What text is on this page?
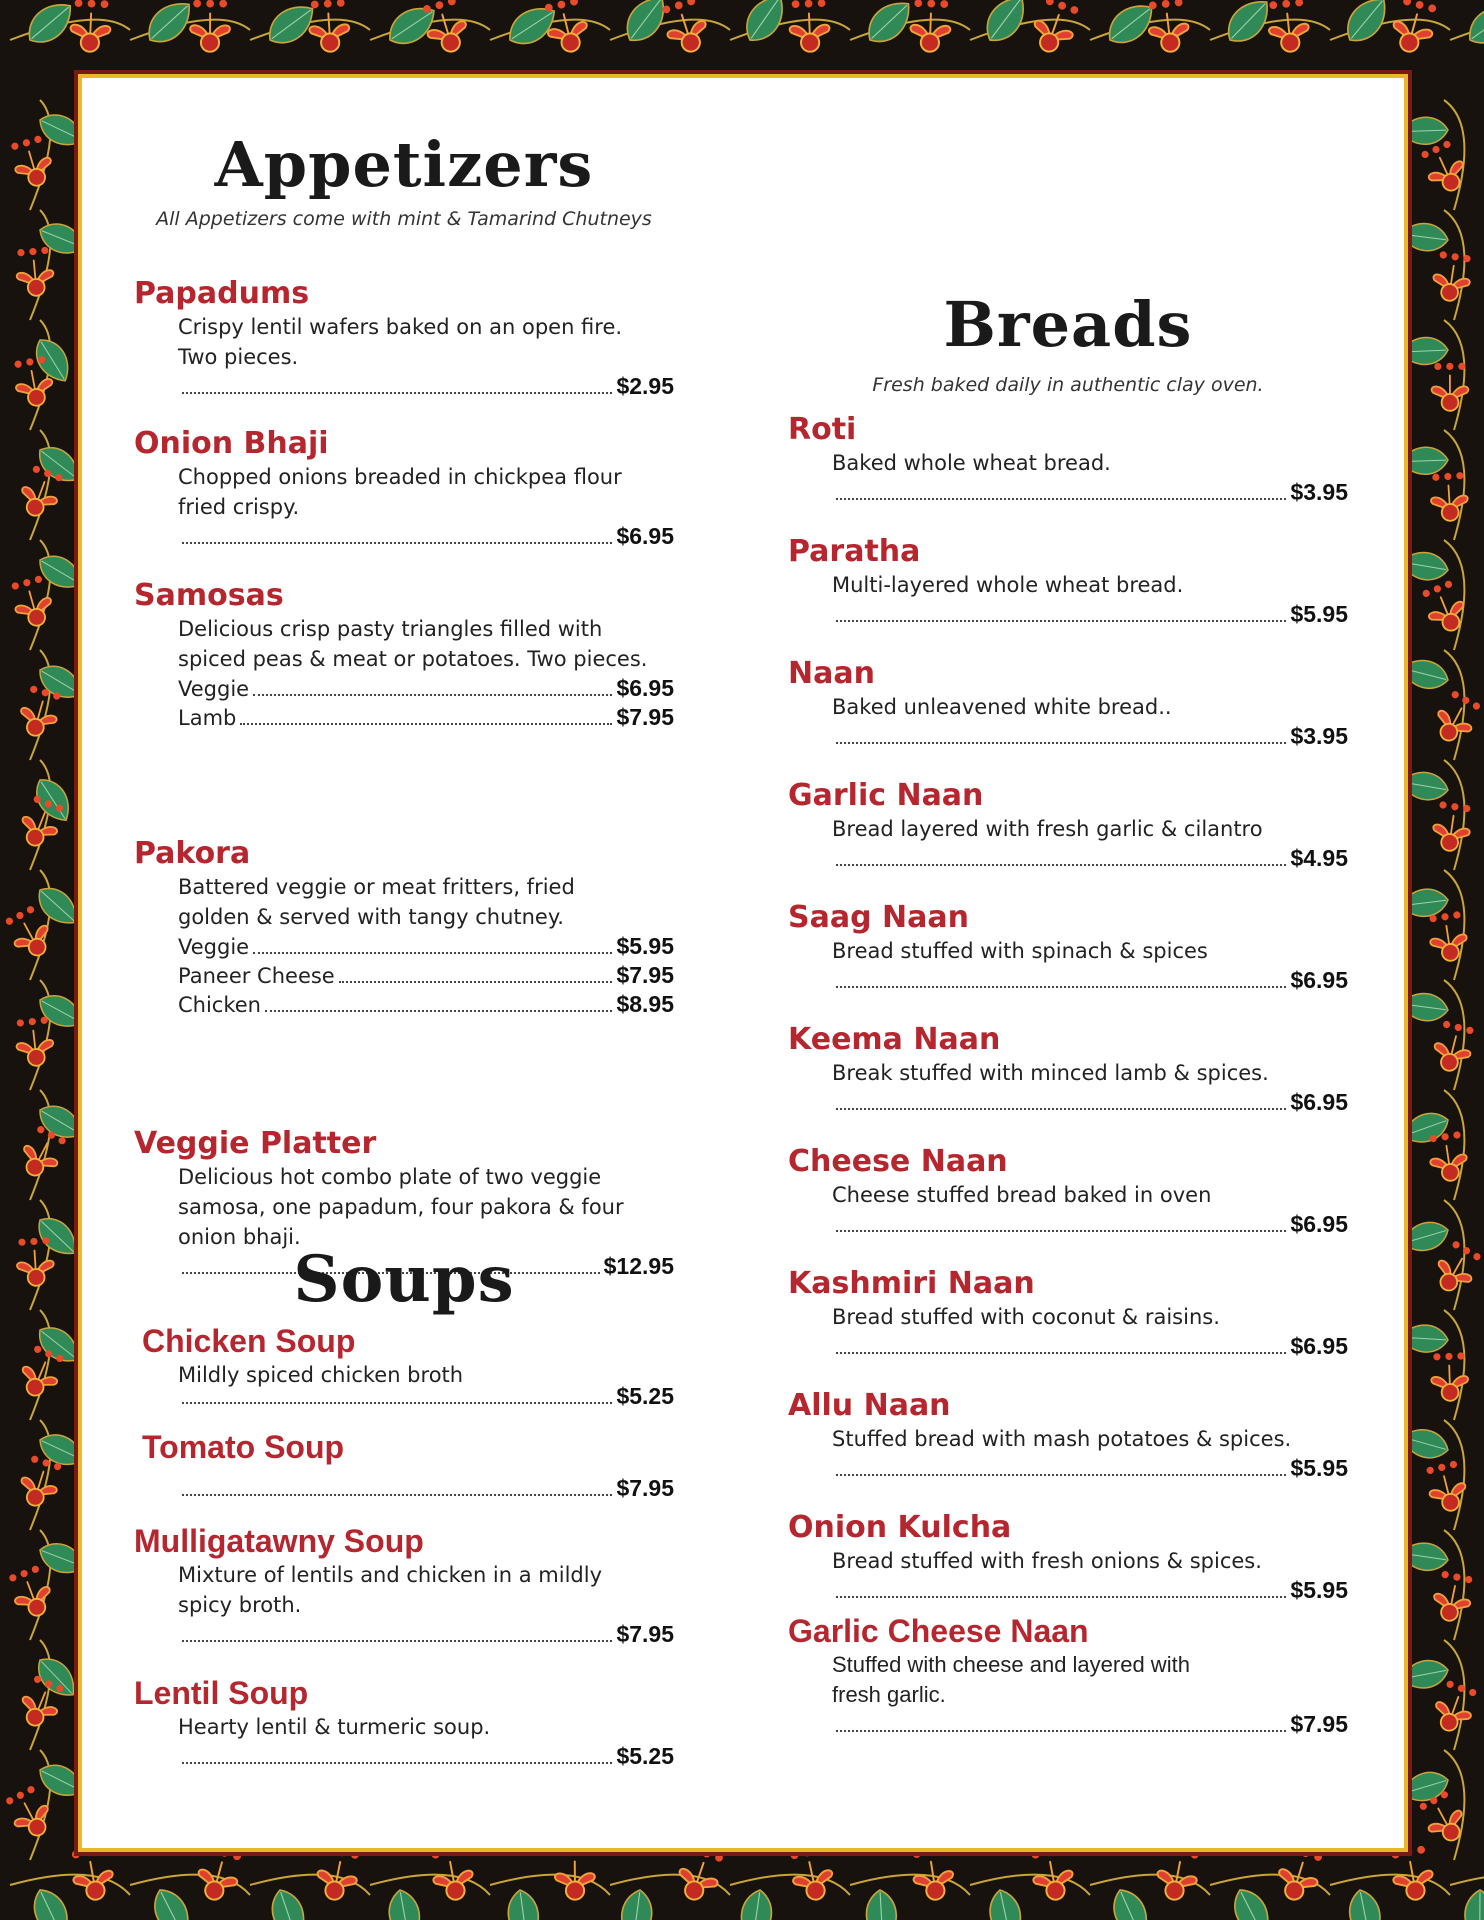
Appetizers

All Appetizers come with mint & Tamarind Chutneys

Papadums

Crispy lentil wafers baked on an open fire.

Two pieces.

$2.95

Onion Bhaji

Chopped onions breaded in chickpea flour

fried crispy.

$6.95

Samosas

Delicious crisp pasty triangles filled with

spiced peas & meat or potatoes. Two pieces.

Veggie	$6.95
Lamb	$7.95

Pakora

Battered veggie or meat fritters, fried

golden & served with tangy chutney.

Veggie	$5.95
Paneer Cheese	$7.95
Chicken	$8.95

Veggie Platter

Delicious hot combo plate of two veggie

samosa, one papadum, four pakora & four

onion bhaji.

$12.95
Soups

Chicken Soup

Mildly spiced chicken broth

$5.25

Tomato Soup

$7.95

Mulligatawny Soup

Mixture of lentils and chicken in a mildly

spicy broth.

$7.95

Lentil Soup

Hearty lentil & turmeric soup.

$5.25
Breads

Fresh baked daily in authentic clay oven.

Roti

Baked whole wheat bread.

$3.95

Paratha

Multi-layered whole wheat bread.

$5.95

Naan

Baked unleavened white bread..

$3.95

Garlic Naan

Bread layered with fresh garlic & cilantro

$4.95

Saag Naan

Bread stuffed with spinach & spices

$6.95

Keema Naan

Break stuffed with minced lamb & spices.

$6.95

Cheese Naan

Cheese stuffed bread baked in oven

$6.95

Kashmiri Naan

Bread stuffed with coconut & raisins.

$6.95

Allu Naan

Stuffed bread with mash potatoes & spices.

$5.95

Onion Kulcha

Bread stuffed with fresh onions & spices.

$5.95

Garlic Cheese Naan

Stuffed with cheese and layered with

fresh garlic.

$7.95
